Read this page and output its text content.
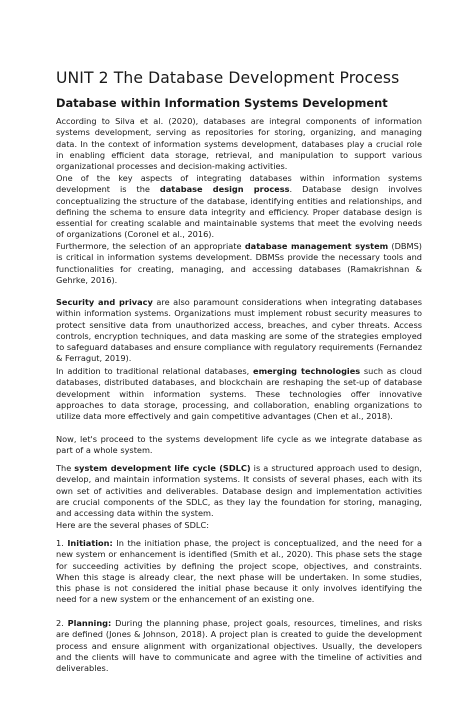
UNIT 2 The Database Development Process
Database within Information Systems Development

According to Silva et al. (2020), databases are integral components of information systems development, serving as repositories for storing, organizing, and managing data. In the context of information systems development, databases play a crucial role in enabling efficient data storage, retrieval, and manipulation to support various organizational processes and decision-making activities.

One of the key aspects of integrating databases within information systems development is the database design process. Database design involves conceptualizing the structure of the database, identifying entities and relationships, and defining the schema to ensure data integrity and efficiency. Proper database design is essential for creating scalable and maintainable systems that meet the evolving needs of organizations (Coronel et al., 2016).

Furthermore, the selection of an appropriate database management system (DBMS) is critical in information systems development. DBMSs provide the necessary tools and functionalities for creating, managing, and accessing databases (Ramakrishnan & Gehrke, 2016).

Security and privacy are also paramount considerations when integrating databases within information systems. Organizations must implement robust security measures to protect sensitive data from unauthorized access, breaches, and cyber threats. Access controls, encryption techniques, and data masking are some of the strategies employed to safeguard databases and ensure compliance with regulatory requirements (Fernandez & Ferragut, 2019).

In addition to traditional relational databases, emerging technologies such as cloud databases, distributed databases, and blockchain are reshaping the set-up of database development within information systems. These technologies offer innovative approaches to data storage, processing, and collaboration, enabling organizations to utilize data more effectively and gain competitive advantages (Chen et al., 2018).

Now, let's proceed to the systems development life cycle as we integrate database as part of a whole system.

The system development life cycle (SDLC) is a structured approach used to design, develop, and maintain information systems. It consists of several phases, each with its own set of activities and deliverables. Database design and implementation activities are crucial components of the SDLC, as they lay the foundation for storing, managing, and accessing data within the system.

Here are the several phases of SDLC:

1. Initiation: In the initiation phase, the project is conceptualized, and the need for a new system or enhancement is identified (Smith et al., 2020). This phase sets the stage for succeeding activities by defining the project scope, objectives, and constraints. When this stage is already clear, the next phase will be undertaken. In some studies, this phase is not considered the initial phase because it only involves identifying the need for a new system or the enhancement of an existing one.

2. Planning: During the planning phase, project goals, resources, timelines, and risks are defined (Jones & Johnson, 2018). A project plan is created to guide the development process and ensure alignment with organizational objectives. Usually, the developers and the clients will have to communicate and agree with the timeline of activities and deliverables.
